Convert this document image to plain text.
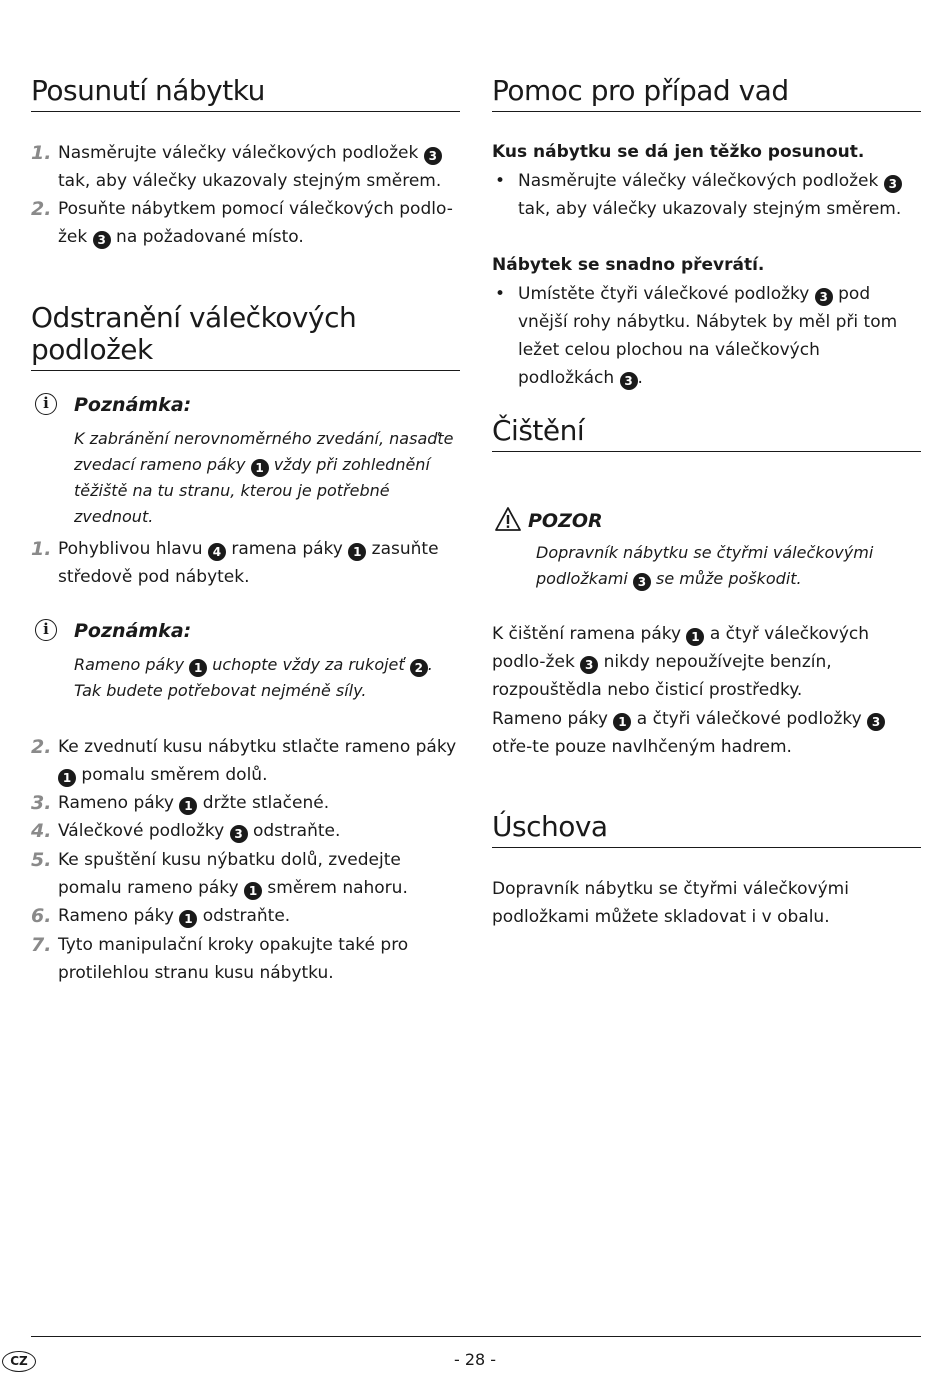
Posunutí nábytku
1. Nasměrujte válečky válečkových podložek 3 tak, aby válečky ukazovaly stejným směrem.
2. Posuňte nábytkem pomocí válečkových podlo-žek 3 na požadované místo.
Odstranění válečkových podložek
i	Poznámka:
K zabránění nerovnoměrného zvedání, nasaďte zvedací rameno páky 1 vždy při zohlednění těžiště na tu stranu, kterou je potřebné zvednout.
1. Pohyblivou hlavu 4 ramena páky 1 zasuňte středově pod nábytek.
i	Poznámka:
Rameno páky 1 uchopte vždy za rukojeť 2 . Tak budete potřebovat nejméně síly.
2. Ke zvednutí kusu nábytku stlačte rameno páky 1 pomalu směrem dolů.
3. Rameno páky 1 držte stlačené.
4. Válečkové podložky 3 odstraňte.
5. Ke spuštění kusu nýbatku dolů, zvedejte pomalu rameno páky 1 směrem nahoru.
6. Rameno páky 1 odstraňte.
7. Tyto manipulační kroky opakujte také pro protilehlou stranu kusu nábytku.
Pomoc pro případ vad
Kus nábytku se dá jen těžko posunout.
• Nasměrujte válečky válečkových podložek 3 tak, aby válečky ukazovaly stejným směrem.
Nábytek se snadno převrátí.
• Umístěte čtyři válečkové podložky 3 pod vnější rohy nábytku. Nábytek by měl při tom ležet celou plochou na válečkových podložkách 3 .
Čištění
POZOR
Dopravník nábytku se čtyřmi válečkovými podložkami 3 se může poškodit.
K čištění ramena páky 1 a čtyř válečkových podlo-žek 3 nikdy nepoužívejte benzín, rozpouštědla nebo čisticí prostředky.
Rameno páky 1 a čtyři válečkové podložky 3 otře-te pouze navlhčeným hadrem.
Úschova
Dopravník nábytku se čtyřmi válečkovými podložkami můžete skladovat i v obalu.
CZ	- 28 -
